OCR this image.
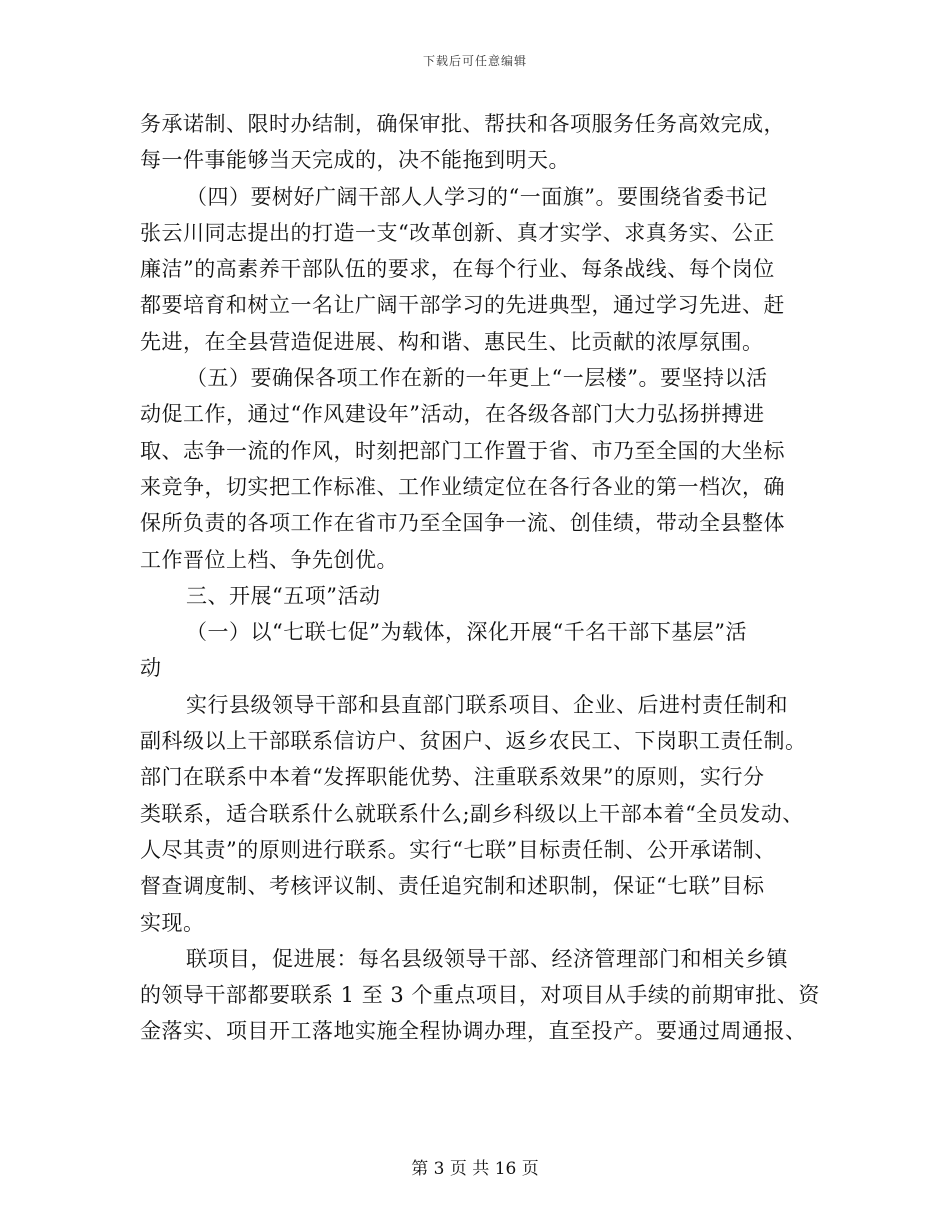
下载后可任意编辑
务承诺制、限时办结制，确保审批、帮扶和各项服务任务高效完成，
每一件事能够当天完成的，决不能拖到明天。
（四）要树好广阔干部人人学习的“一面旗”。要围绕省委书记
张云川同志提出的打造一支“改革创新、真才实学、求真务实、公正
廉洁”的高素养干部队伍的要求，在每个行业、每条战线、每个岗位
都要培育和树立一名让广阔干部学习的先进典型，通过学习先进、赶
先进，在全县营造促进展、构和谐、惠民生、比贡献的浓厚氛围。
（五）要确保各项工作在新的一年更上“一层楼”。要坚持以活
动促工作，通过“作风建设年”活动，在各级各部门大力弘扬拼搏进
取、志争一流的作风，时刻把部门工作置于省、市乃至全国的大坐标
来竞争，切实把工作标准、工作业绩定位在各行各业的第一档次，确
保所负责的各项工作在省市乃至全国争一流、创佳绩，带动全县整体
工作晋位上档、争先创优。
三、开展“五项”活动
（一）以“七联七促”为载体，深化开展“千名干部下基层”活
动
实行县级领导干部和县直部门联系项目、企业、后进村责任制和
副科级以上干部联系信访户、贫困户、返乡农民工、下岗职工责任制。
部门在联系中本着“发挥职能优势、注重联系效果”的原则，实行分
类联系，适合联系什么就联系什么;副乡科级以上干部本着“全员发动、
人尽其责”的原则进行联系。实行“七联”目标责任制、公开承诺制、
督查调度制、考核评议制、责任追究制和述职制，保证“七联”目标
实现。
联项目，促进展：每名县级领导干部、经济管理部门和相关乡镇
的领导干部都要联系 1 至 3 个重点项目，对项目从手续的前期审批、资
金落实、项目开工落地实施全程协调办理，直至投产。要通过周通报、
第 3 页 共 16 页
